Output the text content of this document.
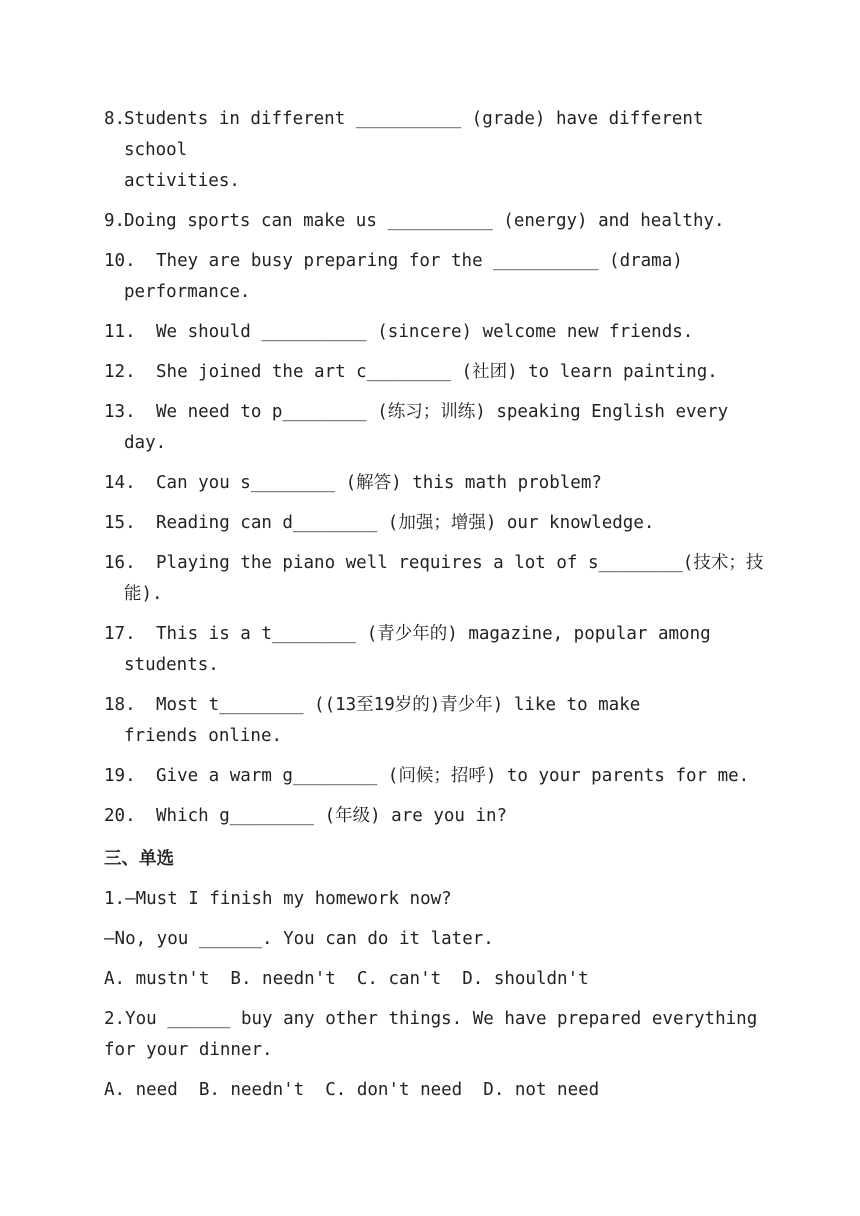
8.
Students in different __________ (grade) have different school
activities.
9.
Doing sports can make us __________ (energy) and healthy.
10. They are busy preparing for the __________ (drama)
performance.
11. We should __________ (sincere) welcome new friends.
12. She joined the art c________ (社团) to learn painting.
13. We need to p________ (练习；训练) speaking English every
day.
14. Can you s________ (解答) this math problem?
15. Reading can d________ (加强；增强) our knowledge.
16. Playing the piano well requires a lot of s________(技术；技
能).
17. This is a t________ (青少年的) magazine, popular among
students.
18. Most t________ ((13至19岁的)青少年) like to make
friends online.
19. Give a warm g________ (问候；招呼) to your parents for me.
20. Which g________ (年级) are you in?
三、单选
1.—Must I finish my homework now?
—No, you ______. You can do it later.
A. mustn't  B. needn't  C. can't  D. shouldn't
2.You ______ buy any other things. We have prepared everything
for your dinner.
A. need  B. needn't  C. don't need  D. not need
